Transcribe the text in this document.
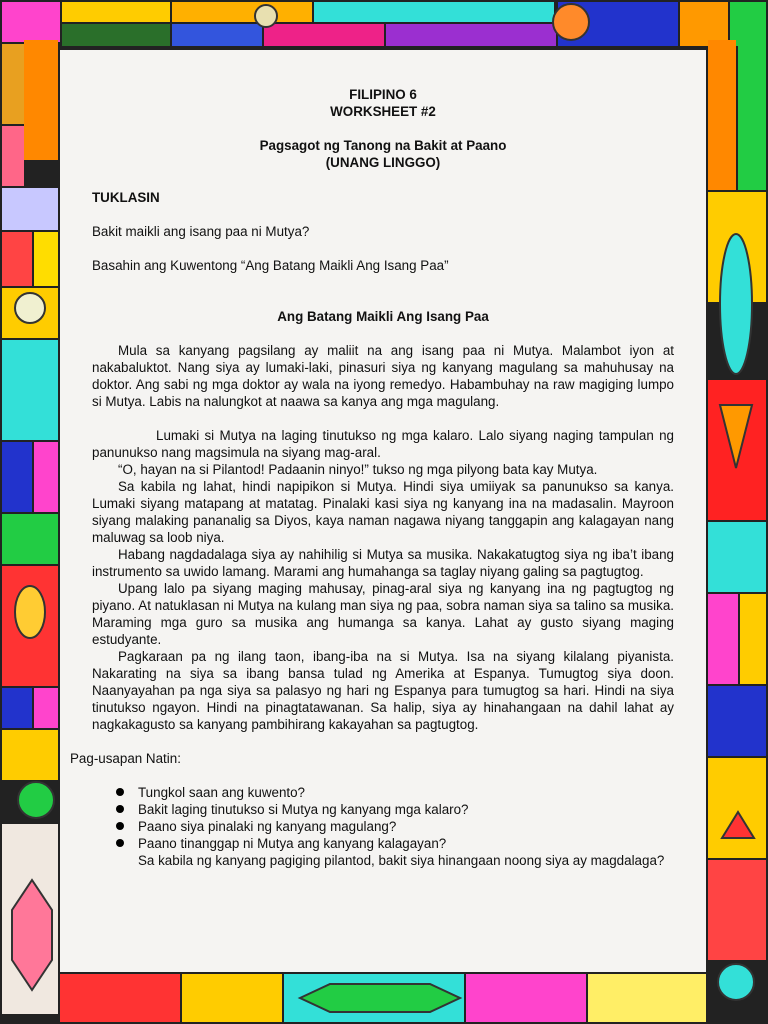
FILIPINO 6
WORKSHEET #2
Pagsagot ng Tanong na Bakit at Paano
(UNANG LINGGO)
TUKLASIN

Bakit maikli ang isang paa ni Mutya?

Basahin ang Kuwentong “Ang Batang Maikli Ang Isang Paa”

Ang Batang Maikli Ang Isang Paa

Mula sa kanyang pagsilang ay maliit na ang isang paa ni Mutya. Malambot iyon at nakabaluktot. Nang siya ay lumaki-laki, pinasuri siya ng kanyang magulang sa mahuhusay na doktor. Ang sabi ng mga doktor ay wala na iyong remedyo. Habambuhay na raw magiging lumpo si Mutya. Labis na nalungkot at naawa sa kanya ang mga magulang.

Lumaki si Mutya na laging tinutukso ng mga kalaro. Lalo siyang naging tampulan ng panunukso nang magsimula na siyang mag-aral.

“O, hayan na si Pilantod! Padaanin ninyo!” tukso ng mga pilyong bata kay Mutya.

Sa kabila ng lahat, hindi napipikon si Mutya. Hindi siya umiiyak sa panunukso sa kanya. Lumaki siyang matapang at matatag. Pinalaki kasi siya ng kanyang ina na madasalin. Mayroon siyang malaking pananalig sa Diyos, kaya naman nagawa niyang tanggapin ang kalagayan nang maluwag sa loob niya.

Habang nagdadalaga siya ay nahihilig si Mutya sa musika. Nakakatugtog siya ng iba’t ibang instrumento sa uwido lamang. Marami ang humahanga sa taglay niyang galing sa pagtugtog.

Upang lalo pa siyang maging mahusay, pinag-aral siya ng kanyang ina ng pagtugtog ng piyano. At natuklasan ni Mutya na kulang man siya ng paa, sobra naman siya sa talino sa musika. Maraming mga guro sa musika ang humanga sa kanya. Lahat ay gusto siyang maging estudyante.

Pagkaraan pa ng ilang taon, ibang-iba na si Mutya. Isa na siyang kilalang piyanista. Nakarating na siya sa ibang bansa tulad ng Amerika at Espanya. Tumugtog siya doon. Naanyayahan pa nga siya sa palasyo ng hari ng Espanya para tumugtog sa hari. Hindi na siya tinutukso ngayon. Hindi na pinagtatawanan. Sa halip, siya ay hinahangaan na dahil lahat ay nagkakagusto sa kanyang pambihirang kakayahan sa pagtugtog.

Pag-usapan Natin:

Tungkol saan ang kuwento?
Bakit laging tinutukso si Mutya ng kanyang mga kalaro?
Paano siya pinalaki ng kanyang magulang?
Paano tinanggap ni Mutya ang kanyang kalagayan?

Sa kabila ng kanyang pagiging pilantod, bakit siya hinangaan noong siya ay magdalaga?
